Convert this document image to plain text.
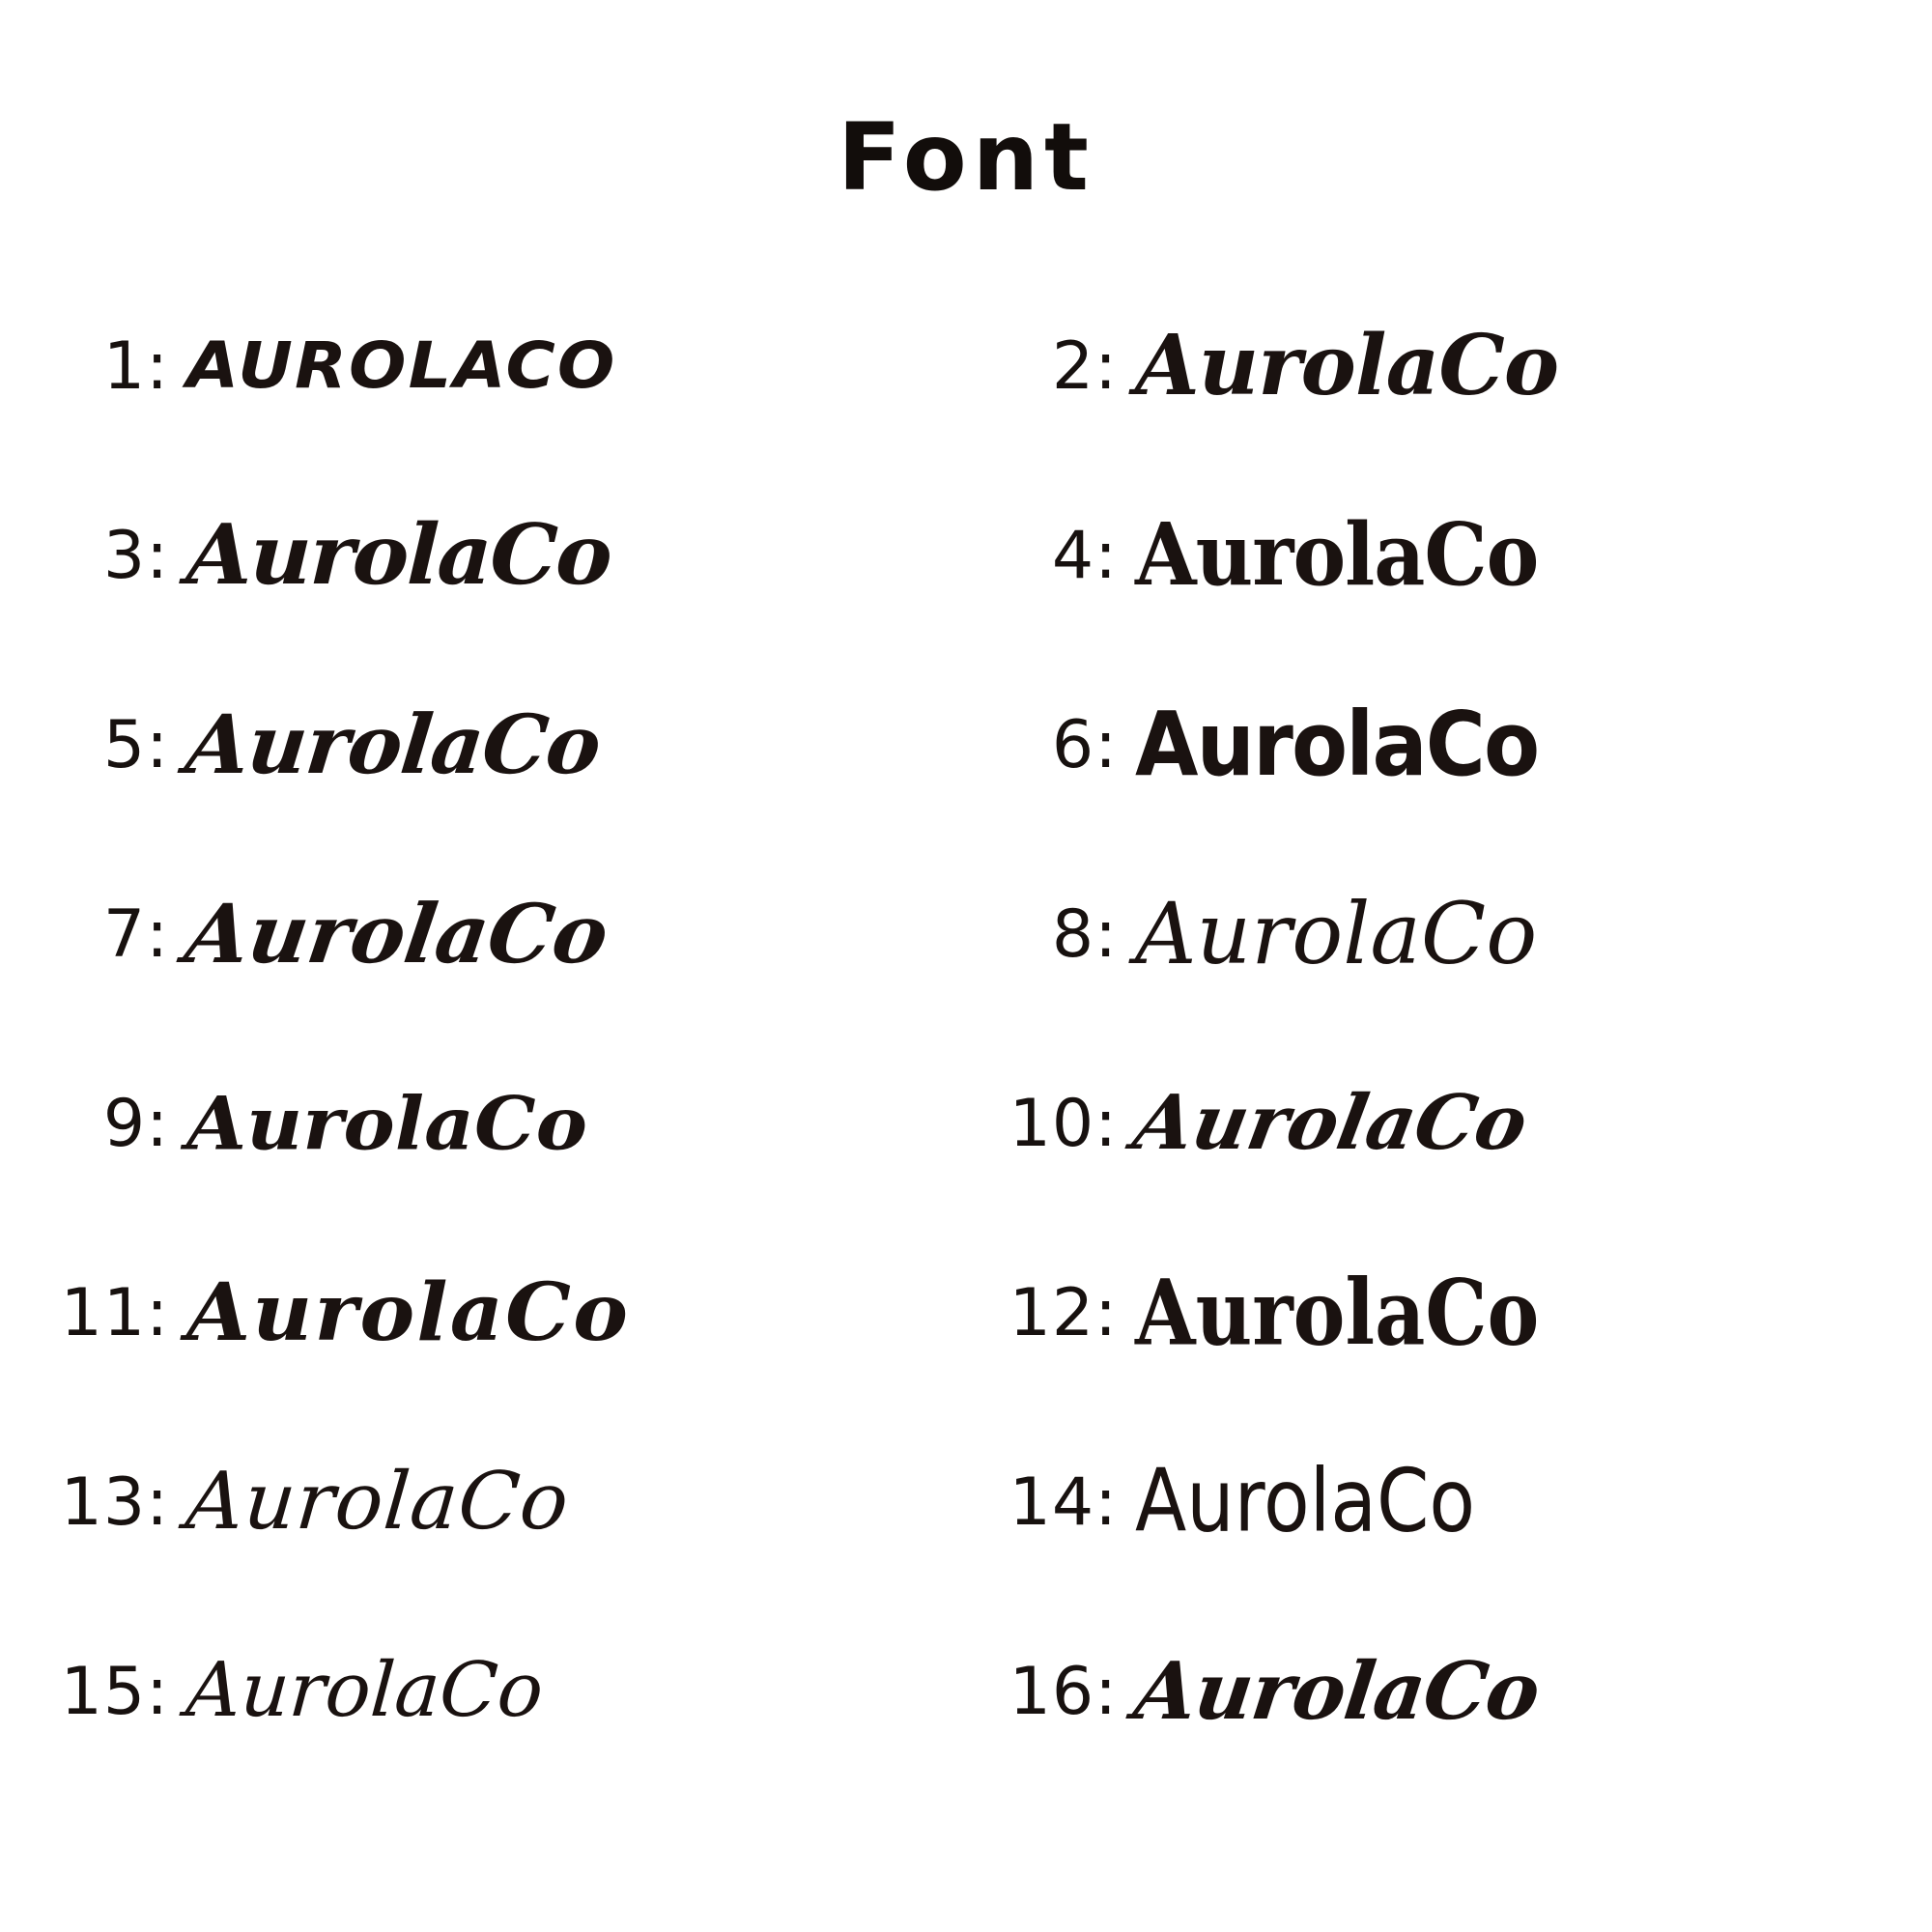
Font
1: AUROLACO	2: AurolaCo
3: AurolaCo	4: AurolaCo
5: AurolaCo	6: AurolaCo
7: AurolaCo	8: AurolaCo
9: AurolaCo	10: AurolaCo
11: AurolaCo	12: AurolaCo
13: AurolaCo	14: AurolaCo
15: AurolaCo	16: AurolaCo
